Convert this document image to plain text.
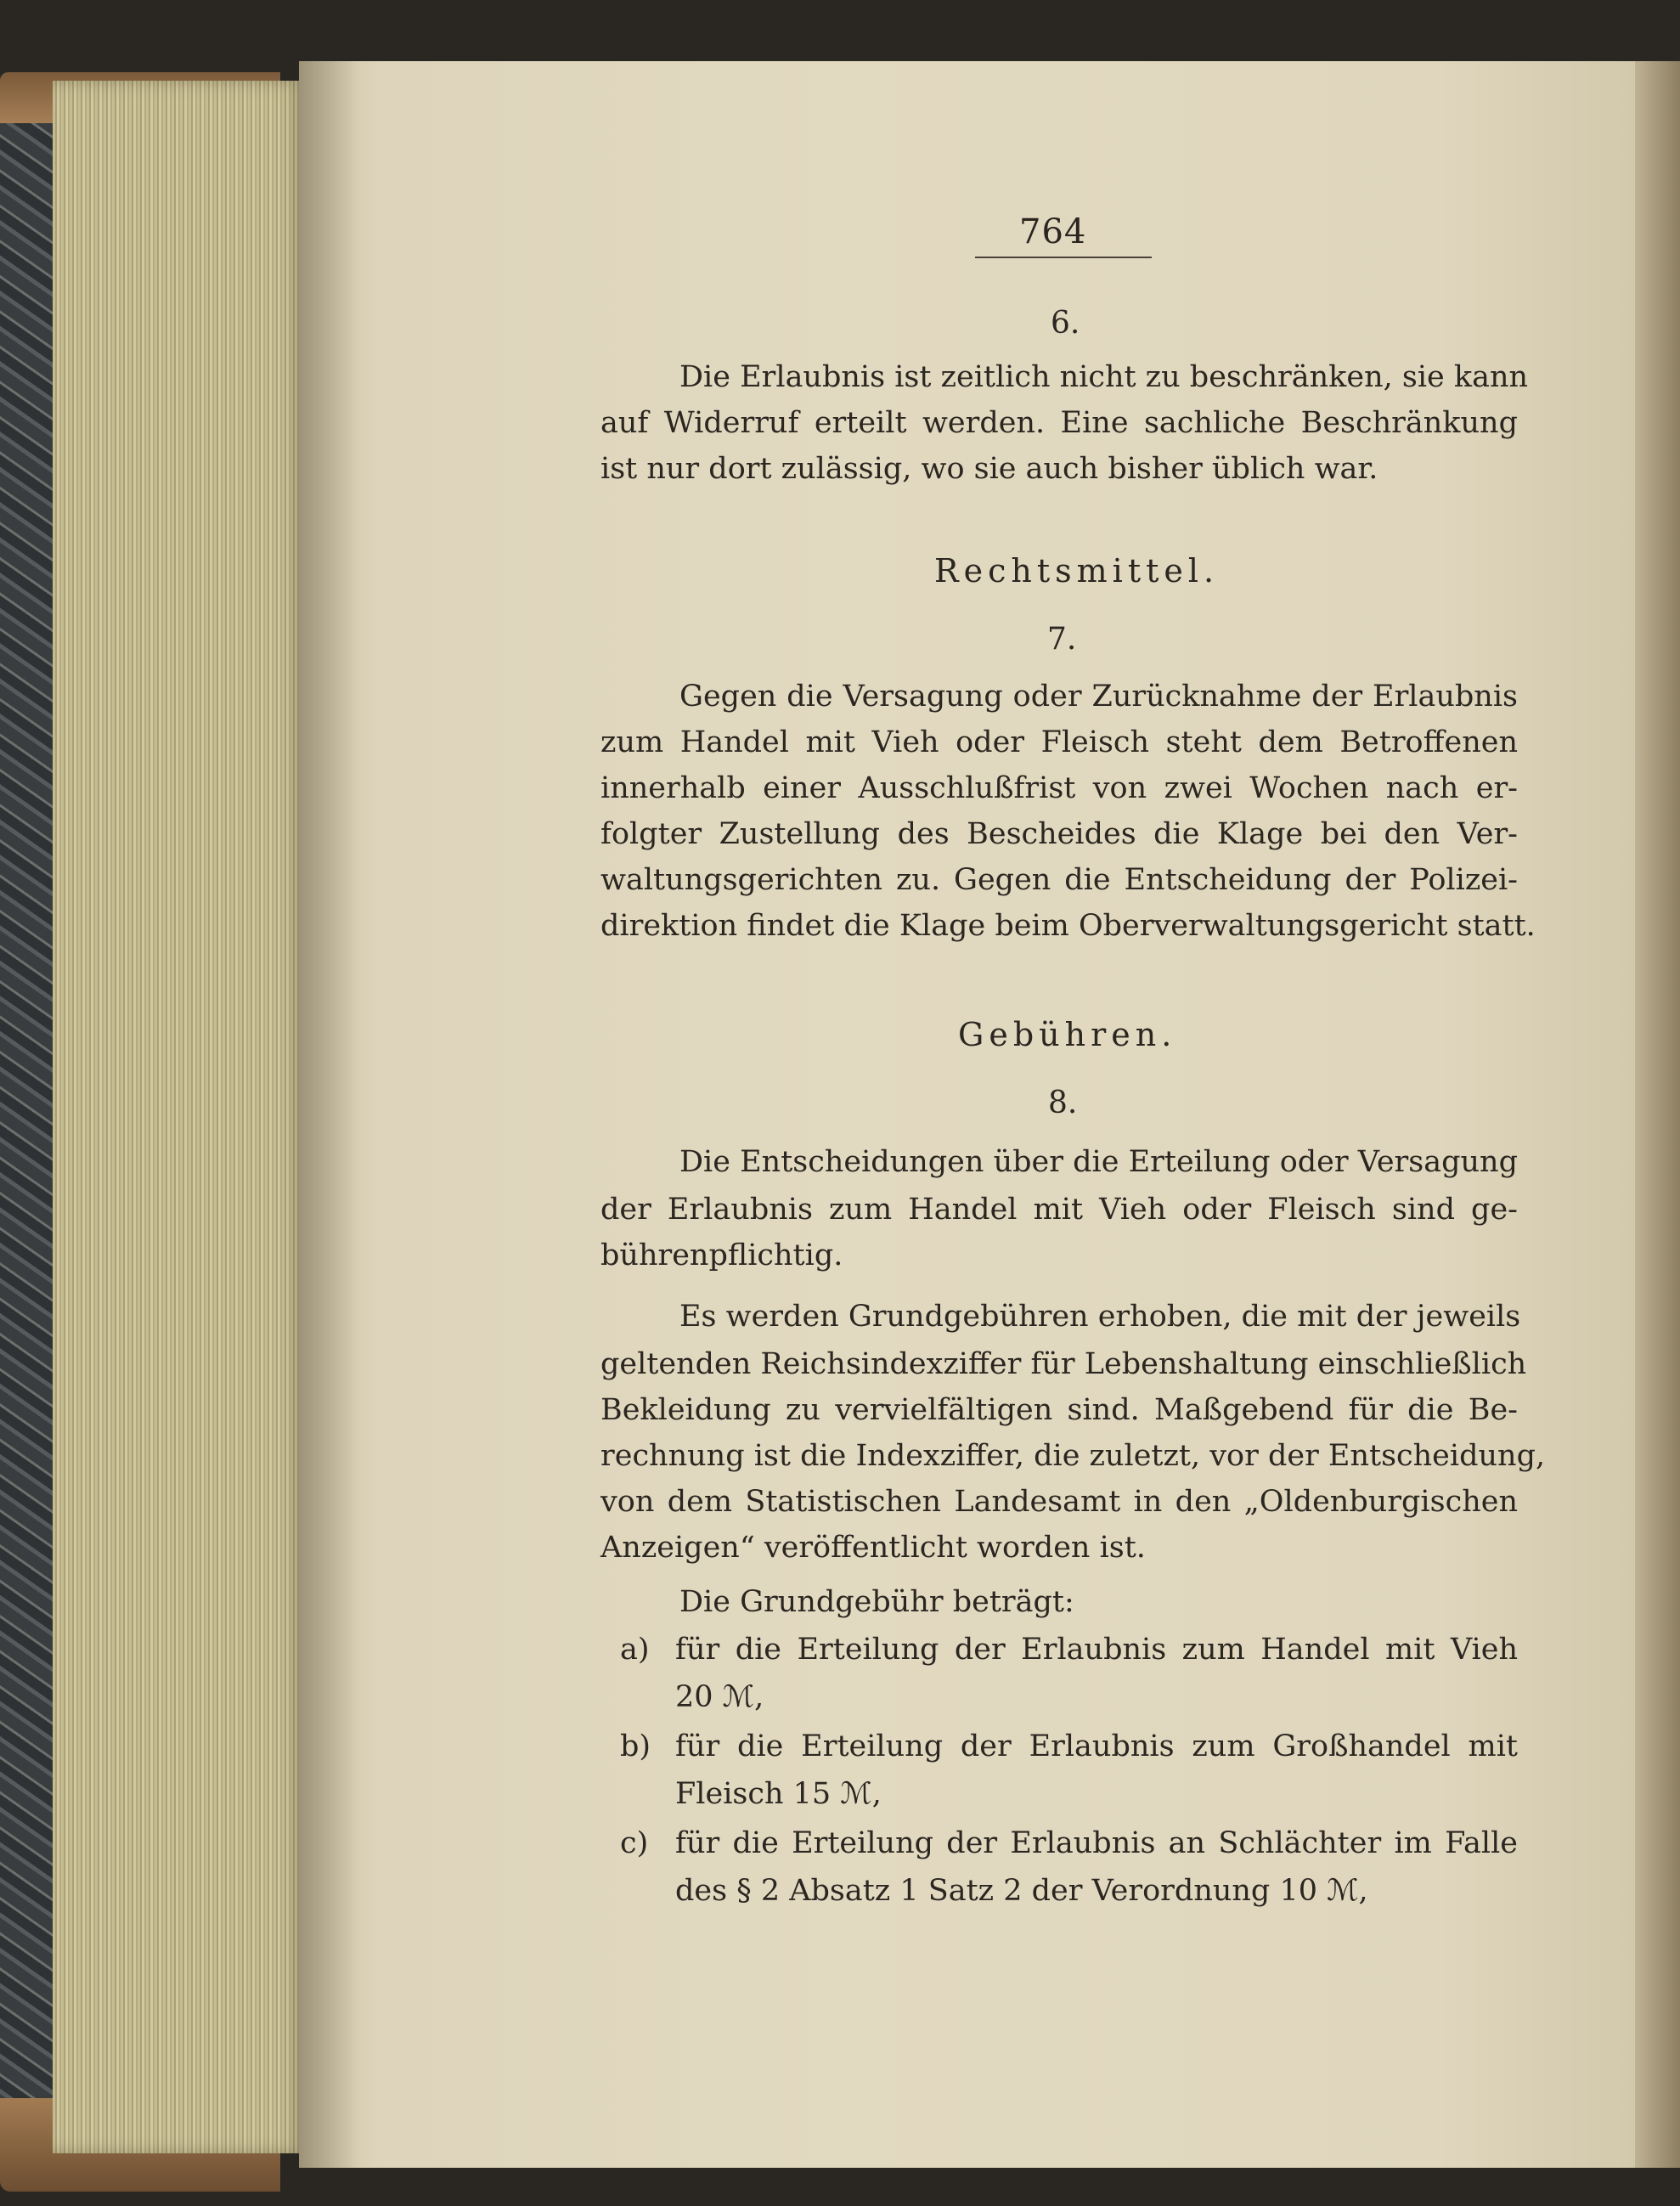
764

6.

Die Erlaubnis ist zeitlich nicht zu beschränken, sie kann

auf Widerruf erteilt werden. Eine sachliche Beschränkung

ist nur dort zulässig, wo sie auch bisher üblich war.

Rechtsmittel.

7.

Gegen die Versagung oder Zurücknahme der Erlaubnis

zum Handel mit Vieh oder Fleisch steht dem Betroffenen

innerhalb einer Ausschlußfrist von zwei Wochen nach er-

folgter Zustellung des Bescheides die Klage bei den Ver-

waltungsgerichten zu. Gegen die Entscheidung der Polizei-

direktion findet die Klage beim Oberverwaltungsgericht statt.

Gebühren.

8.

Die Entscheidungen über die Erteilung oder Versagung

der Erlaubnis zum Handel mit Vieh oder Fleisch sind ge-

bührenpflichtig.

Es werden Grundgebühren erhoben, die mit der jeweils

geltenden Reichsindexziffer für Lebenshaltung einschließlich

Bekleidung zu vervielfältigen sind. Maßgebend für die Be-

rechnung ist die Indexziffer, die zuletzt, vor der Entscheidung,

von dem Statistischen Landesamt in den „Oldenburgischen

Anzeigen“ veröffentlicht worden ist.

Die Grundgebühr beträgt:

a) für die Erteilung der Erlaubnis zum Handel mit Vieh

20 ℳ,

b) für die Erteilung der Erlaubnis zum Großhandel mit

Fleisch 15 ℳ,

c) für die Erteilung der Erlaubnis an Schlächter im Falle

des § 2 Absatz 1 Satz 2 der Verordnung 10 ℳ,
